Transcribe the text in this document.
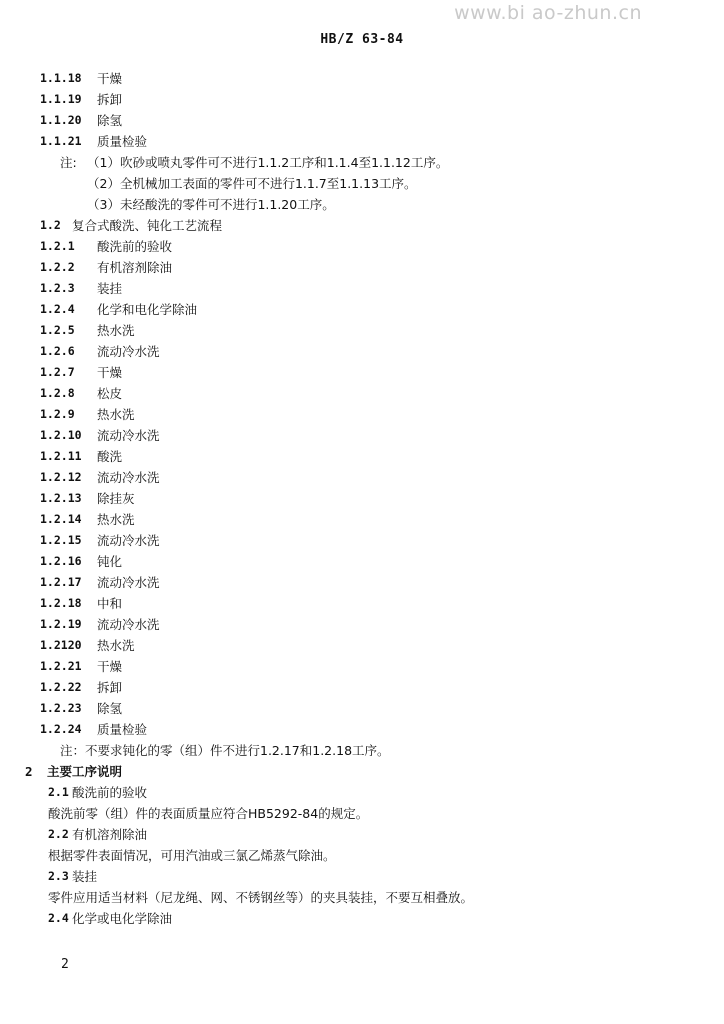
www.bi ao-zhun.cn
HB/Z 63-84
1.1.18 干燥
1.1.19 拆卸
1.1.20 除氢
1.1.21 质量检验
注: （1）吹砂或喷丸零件可不进行1.1.2工序和1.1.4至1.1.12工序。
（2）全机械加工表面的零件可不进行1.1.7至1.1.13工序。
（3）未经酸洗的零件可不进行1.1.20工序。
1.2 复合式酸洗、钝化工艺流程
1.2.1 酸洗前的验收
1.2.2 有机溶剂除油
1.2.3 装挂
1.2.4 化学和电化学除油
1.2.5 热水洗
1.2.6 流动冷水洗
1.2.7 干燥
1.2.8 松皮
1.2.9 热水洗
1.2.10 流动冷水洗
1.2.11 酸洗
1.2.12 流动冷水洗
1.2.13 除挂灰
1.2.14 热水洗
1.2.15 流动冷水洗
1.2.16 钝化
1.2.17 流动冷水洗
1.2.18 中和
1.2.19 流动冷水洗
1.2120 热水洗
1.2.21 干燥
1.2.22 拆卸
1.2.23 除氢
1.2.24 质量检验
注：不要求钝化的零（组）件不进行1.2.17和1.2.18工序。
2 主要工序说明
2.1 酸洗前的验收
酸洗前零（组）件的表面质量应符合HB5292-84的规定。
2.2 有机溶剂除油
根据零件表面情况，可用汽油或三氯乙烯蒸气除油。
2.3 装挂
零件应用适当材料（尼龙绳、网、不锈钢丝等）的夹具装挂，不要互相叠放。
2.4 化学或电化学除油
2
